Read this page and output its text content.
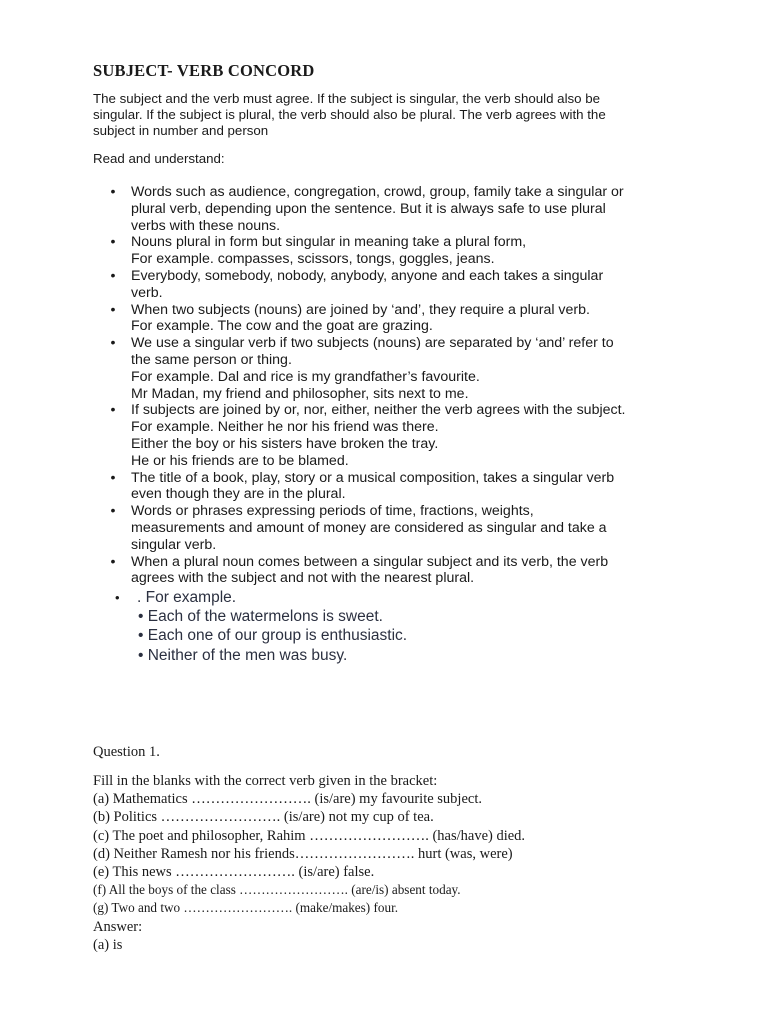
SUBJECT- VERB CONCORD

The subject and the verb must agree. If the subject is singular, the verb should also be
singular. If the subject is plural, the verb should also be plural. The verb agrees with the
subject in number and person

Read and understand:

• Words such as audience, congregation, crowd, group, family take a singular or
plural verb, depending upon the sentence. But it is always safe to use plural
verbs with these nouns.
• Nouns plural in form but singular in meaning take a plural form,
For example. compasses, scissors, tongs, goggles, jeans.
• Everybody, somebody, nobody, anybody, anyone and each takes a singular
verb.
• When two subjects (nouns) are joined by ‘and’, they require a plural verb.
For example. The cow and the goat are grazing.
• We use a singular verb if two subjects (nouns) are separated by ‘and’ refer to
the same person or thing.
For example. Dal and rice is my grandfather’s favourite.
Mr Madan, my friend and philosopher, sits next to me.
• If subjects are joined by or, nor, either, neither the verb agrees with the subject.
For example. Neither he nor his friend was there.
Either the boy or his sisters have broken the tray.
He or his friends are to be blamed.
• The title of a book, play, story or a musical composition, takes a singular verb
even though they are in the plural.
• Words or phrases expressing periods of time, fractions, weights,
measurements and amount of money are considered as singular and take a
singular verb.
• When a plural noun comes between a singular subject and its verb, the verb
agrees with the subject and not with the nearest plural.
• . For example.
• Each of the watermelons is sweet.
• Each one of our group is enthusiastic.
• Neither of the men was busy.

Question 1.

Fill in the blanks with the correct verb given in the bracket:
(a) Mathematics ……………………. (is/are) my favourite subject.
(b) Politics ……………………. (is/are) not my cup of tea.
(c) The poet and philosopher, Rahim ……………………. (has/have) died.
(d) Neither Ramesh nor his friends……………………. hurt (was, were)
(e) This news ……………………. (is/are) false.
(f) All the boys of the class ……………………. (are/is) absent today.
(g) Two and two ……………………. (make/makes) four.
Answer:
(a) is
